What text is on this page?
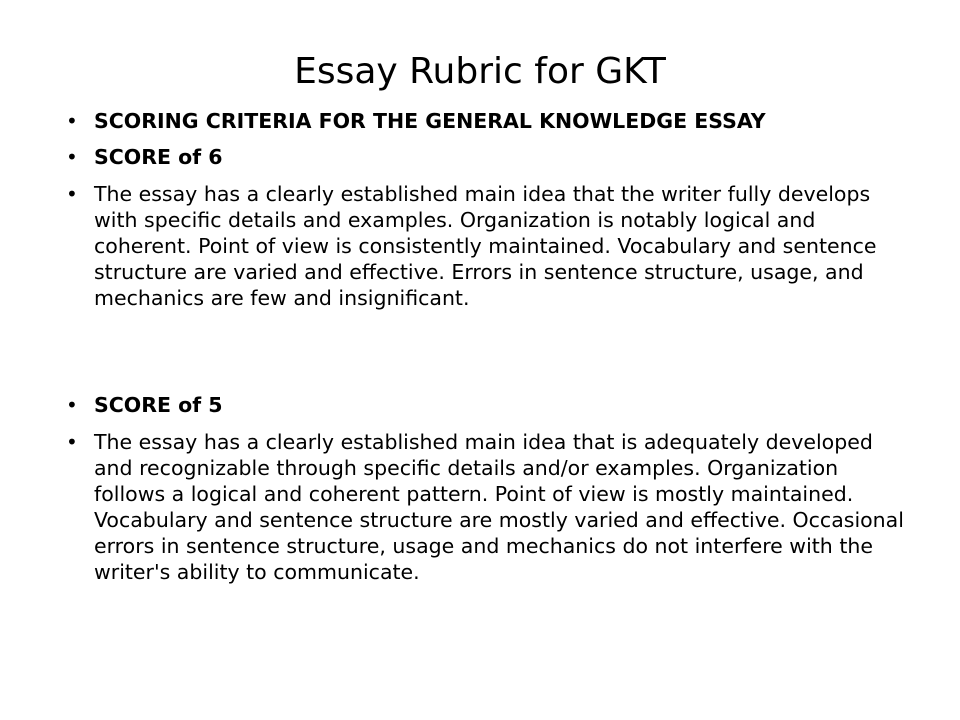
Essay Rubric for GKT
• SCORING CRITERIA FOR THE GENERAL KNOWLEDGE ESSAY
• SCORE of 6
• The essay has a clearly established main idea that the writer fully develops with specific details and examples. Organization is notably logical and coherent. Point of view is consistently maintained. Vocabulary and sentence structure are varied and effective. Errors in sentence structure, usage, and mechanics are few and insignificant.
• SCORE of 5
• The essay has a clearly established main idea that is adequately developed and recognizable through specific details and/or examples. Organization follows a logical and coherent pattern. Point of view is mostly maintained. Vocabulary and sentence structure are mostly varied and effective. Occasional errors in sentence structure, usage and mechanics do not interfere with the writer's ability to communicate.
